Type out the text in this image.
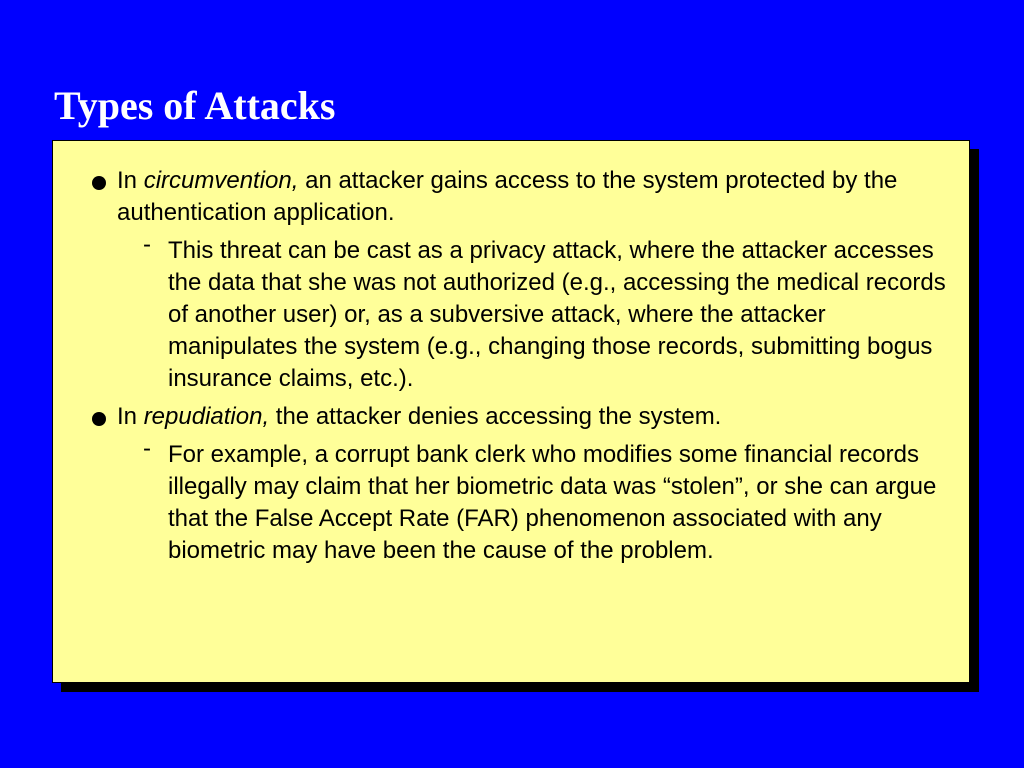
Types of Attacks
In circumvention, an attacker gains access to the system protected by the authentication application.
- This threat can be cast as a privacy attack, where the attacker accesses the data that she was not authorized (e.g., accessing the medical records of another user) or, as a subversive attack, where the attacker manipulates the system (e.g., changing those records, submitting bogus insurance claims, etc.).
In repudiation, the attacker denies accessing the system.
- For example, a corrupt bank clerk who modifies some financial records illegally may claim that her biometric data was “stolen”, or she can argue that the False Accept Rate (FAR) phenomenon associated with any biometric may have been the cause of the problem.
